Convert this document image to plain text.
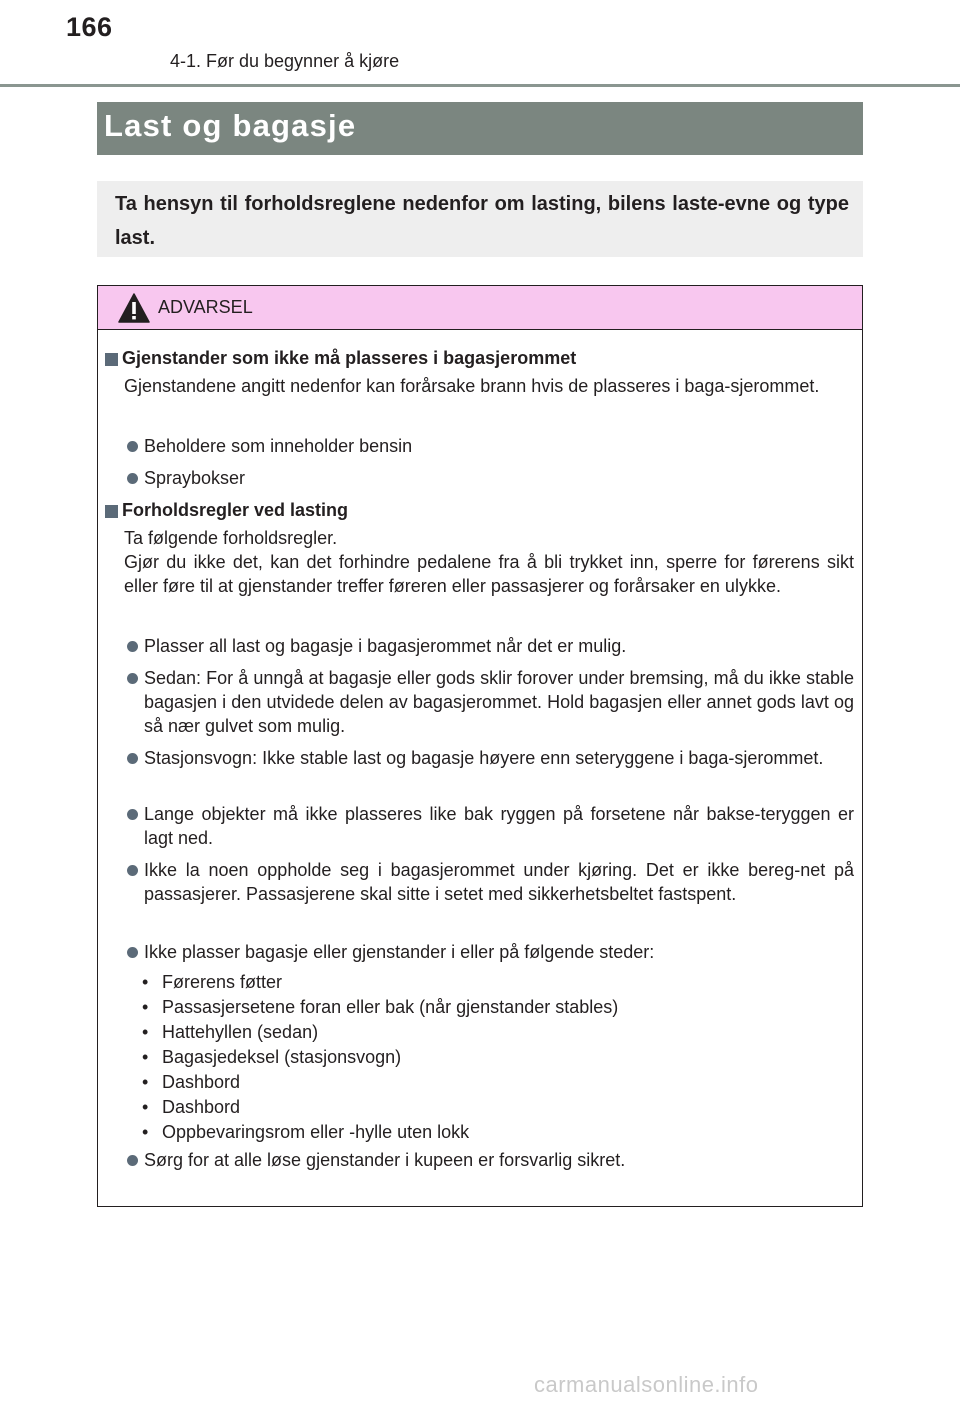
166
4-1. Før du begynner å kjøre
Last og bagasje
Ta hensyn til forholdsreglene nedenfor om lasting, bilens laste-evne og type last.
ADVARSEL
Gjenstander som ikke må plasseres i bagasjerommet
Gjenstandene angitt nedenfor kan forårsake brann hvis de plasseres i baga-sjerommet.
Beholdere som inneholder bensin
Spraybokser
Forholdsregler ved lasting
Ta følgende forholdsregler.
Gjør du ikke det, kan det forhindre pedalene fra å bli trykket inn, sperre for førerens sikt eller føre til at gjenstander treffer føreren eller passasjerer og forårsaker en ulykke.
Plasser all last og bagasje i bagasjerommet når det er mulig.
Sedan: For å unngå at bagasje eller gods sklir forover under bremsing, må du ikke stable bagasjen i den utvidede delen av bagasjerommet. Hold bagasjen eller annet gods lavt og så nær gulvet som mulig.
Stasjonsvogn: Ikke stable last og bagasje høyere enn seteryggene i baga-sjerommet.
Lange objekter må ikke plasseres like bak ryggen på forsetene når bakse-teryggen er lagt ned.
Ikke la noen oppholde seg i bagasjerommet under kjøring. Det er ikke bereg-net på passasjerer. Passasjerene skal sitte i setet med sikkerhetsbeltet fastspent.
Ikke plasser bagasje eller gjenstander i eller på følgende steder:
• Førerens føtter
• Passasjersetene foran eller bak (når gjenstander stables)
• Hattehyllen (sedan)
• Bagasjedeksel (stasjonsvogn)
• Dashbord
• Dashbord
• Oppbevaringsrom eller -hylle uten lokk
Sørg for at alle løse gjenstander i kupeen er forsvarlig sikret.
carmanualsonline.info
